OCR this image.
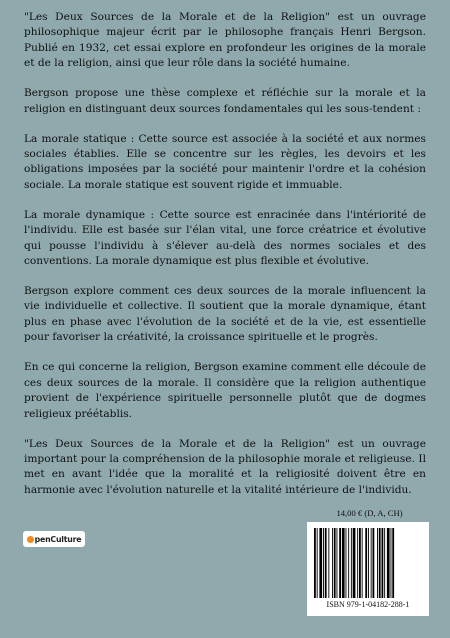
"Les Deux Sources de la Morale et de la Religion" est un ouvrage philosophique majeur écrit par le philosophe français Henri Bergson. Publié en 1932, cet essai explore en profondeur les origines de la morale et de la religion, ainsi que leur rôle dans la société humaine.

Bergson propose une thèse complexe et réfléchie sur la morale et la religion en distinguant deux sources fondamentales qui les sous-tendent :

La morale statique : Cette source est associée à la société et aux normes sociales établies. Elle se concentre sur les règles, les devoirs et les obligations imposées par la société pour maintenir l'ordre et la cohésion sociale. La morale statique est souvent rigide et immuable.

La morale dynamique : Cette source est enracinée dans l'intériorité de l'individu. Elle est basée sur l'élan vital, une force créatrice et évolutive qui pousse l'individu à s'élever au-delà des normes sociales et des conventions. La morale dynamique est plus flexible et évolutive.

Bergson explore comment ces deux sources de la morale influencent la vie individuelle et collective. Il soutient que la morale dynamique, étant plus en phase avec l'évolution de la société et de la vie, est essentielle pour favoriser la créativité, la croissance spirituelle et le progrès.

En ce qui concerne la religion, Bergson examine comment elle découle de ces deux sources de la morale. Il considère que la religion authentique provient de l'expérience spirituelle personnelle plutôt que de dogmes religieux préétablis.

"Les Deux Sources de la Morale et de la Religion" est un ouvrage important pour la compréhension de la philosophie morale et religieuse. Il met en avant l'idée que la moralité et la religiosité doivent être en harmonie avec l'évolution naturelle et la vitalité intérieure de l'individu.

pen Culture
14,00 € (D, A, CH)
ISBN 979-1-04182-288-1
